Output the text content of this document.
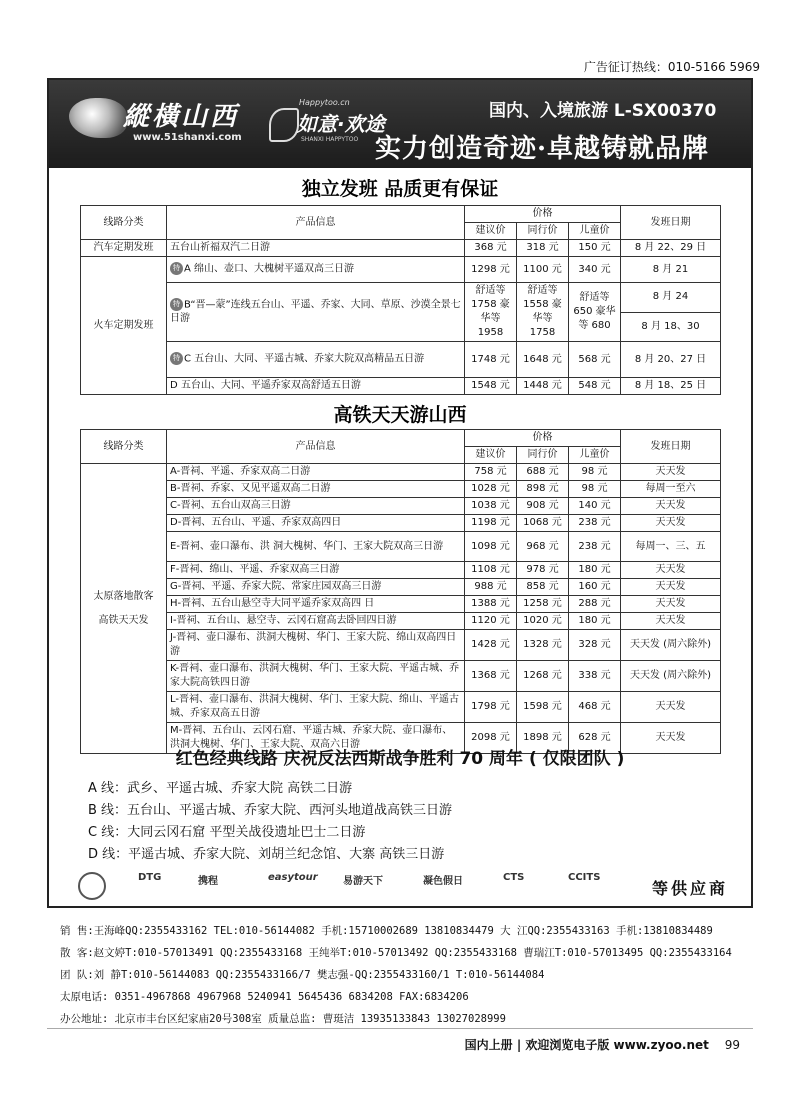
广告征订热线：010-5166 5969
縱橫山西
www.51shanxi.com
Happytoo.cn
如意·欢途
SHANXI HAPPYTOO
国内、入境旅游 L-SX00370
实力创造奇迹·卓越铸就品牌
独立发班 品质更有保证
线路分类	产品信息	价格			发班日期
		建议价	同行价	儿童价	
汽车定期发班	五台山祈福双汽二日游	368 元	318 元	150 元	8 月 22、29 日
火车定期发班	特 A 绵山、壶口、大槐树平遥双高三日游	1298 元	1100 元	340 元	8 月 21
	特 B“晋—蒙”连线五台山、平遥、乔家、大同、草原、沙漠全景七日游	舒适等 1758 豪华等 1958	舒适等 1558 豪华等 1758	舒适等 650 豪华等 680	8 月 24
					8 月 18、30
	特 C 五台山、大同、平遥古城、乔家大院双高精品五日游	1748 元	1648 元	568 元	8 月 20、27 日
	D 五台山、大同、平遥乔家双高舒适五日游	1548 元	1448 元	548 元	8 月 18、25 日
高铁天天游山西
线路分类	产品信息	价格			发班日期
		建议价	同行价	儿童价	

太原落地散客
高铁天天发	A-晋祠、平遥、乔家双高二日游	758 元	688 元	98 元	天天发
	B-晋祠、乔家、又见平遥双高二日游	1028 元	898 元	98 元	每周一至六
	C-晋祠、五台山双高三日游	1038 元	908 元	140 元	天天发
	D-晋祠、五台山、平遥、乔家双高四日	1198 元	1068 元	238 元	天天发
	E-晋祠、壶口瀑布、洪 洞大槐树、华门、王家大院双高三日游	1098 元	968 元	238 元	每周一、三、五
	F-晋祠、绵山、平遥、乔家双高三日游	1108 元	978 元	180 元	天天发
	G-晋祠、平遥、乔家大院、常家庄园双高三日游	988 元	858 元	160 元	天天发
	H-晋祠、五台山悬空寺大同平遥乔家双高四 日	1388 元	1258 元	288 元	天天发
	I-晋祠、五台山、悬空寺、云冈石窟高去卧回四日游	1120 元	1020 元	180 元	天天发
	J-晋祠、壶口瀑布、洪洞大槐树、华门、王家大院、绵山双高四日游	1428 元	1328 元	328 元	天天发 (周六除外)
	K-晋祠、壶口瀑布、洪洞大槐树、华门、王家大院、平遥古城、乔家大院高铁四日游	1368 元	1268 元	338 元	天天发 (周六除外)
	L-晋祠、壶口瀑布、洪洞大槐树、华门、王家大院、绵山、平遥古城、乔家双高五日游	1798 元	1598 元	468 元	天天发
	M-晋祠、五台山、云冈石窟、平遥古城、乔家大院、壶口瀑布、洪洞大槐树、华门、王家大院、双高六日游	2098 元	1898 元	628 元	天天发
红色经典线路 庆祝反法西斯战争胜利 70 周年 ( 仅限团队 )
A 线：武乡、平遥古城、乔家大院 高铁二日游
B 线：五台山、平遥古城、乔家大院、西河头地道战高铁三日游
C 线：大同云冈石窟 平型关战役遗址巴士二日游
D 线：平遥古城、乔家大院、刘胡兰纪念馆、大寨 高铁三日游
DTG	携程	easytour	易游天下	凝色假日	CTS	CCITS
等供应商
销 售:王海峰QQ:2355433162 TEL:010-56144082 手机:15710002689 13810834479 大 江QQ:2355433163 手机:13810834489
散 客:赵文婷T:010-57013491 QQ:2355433168 王纯举T:010-57013492 QQ:2355433168 曹瑞江T:010-57013495 QQ:2355433164
团 队:刘 静T:010-56144083 QQ:2355433166/7 樊志强-QQ:2355433160/1 T:010-56144084
太原电话: 0351-4967868 4967968 5240941 5645436 6834208 FAX:6834206
办公地址: 北京市丰台区纪家庙20号308室 质量总监: 曹珽洁 13935133843 13027028999
国内上册 | 欢迎浏览电子版 www.zyoo.net 99
